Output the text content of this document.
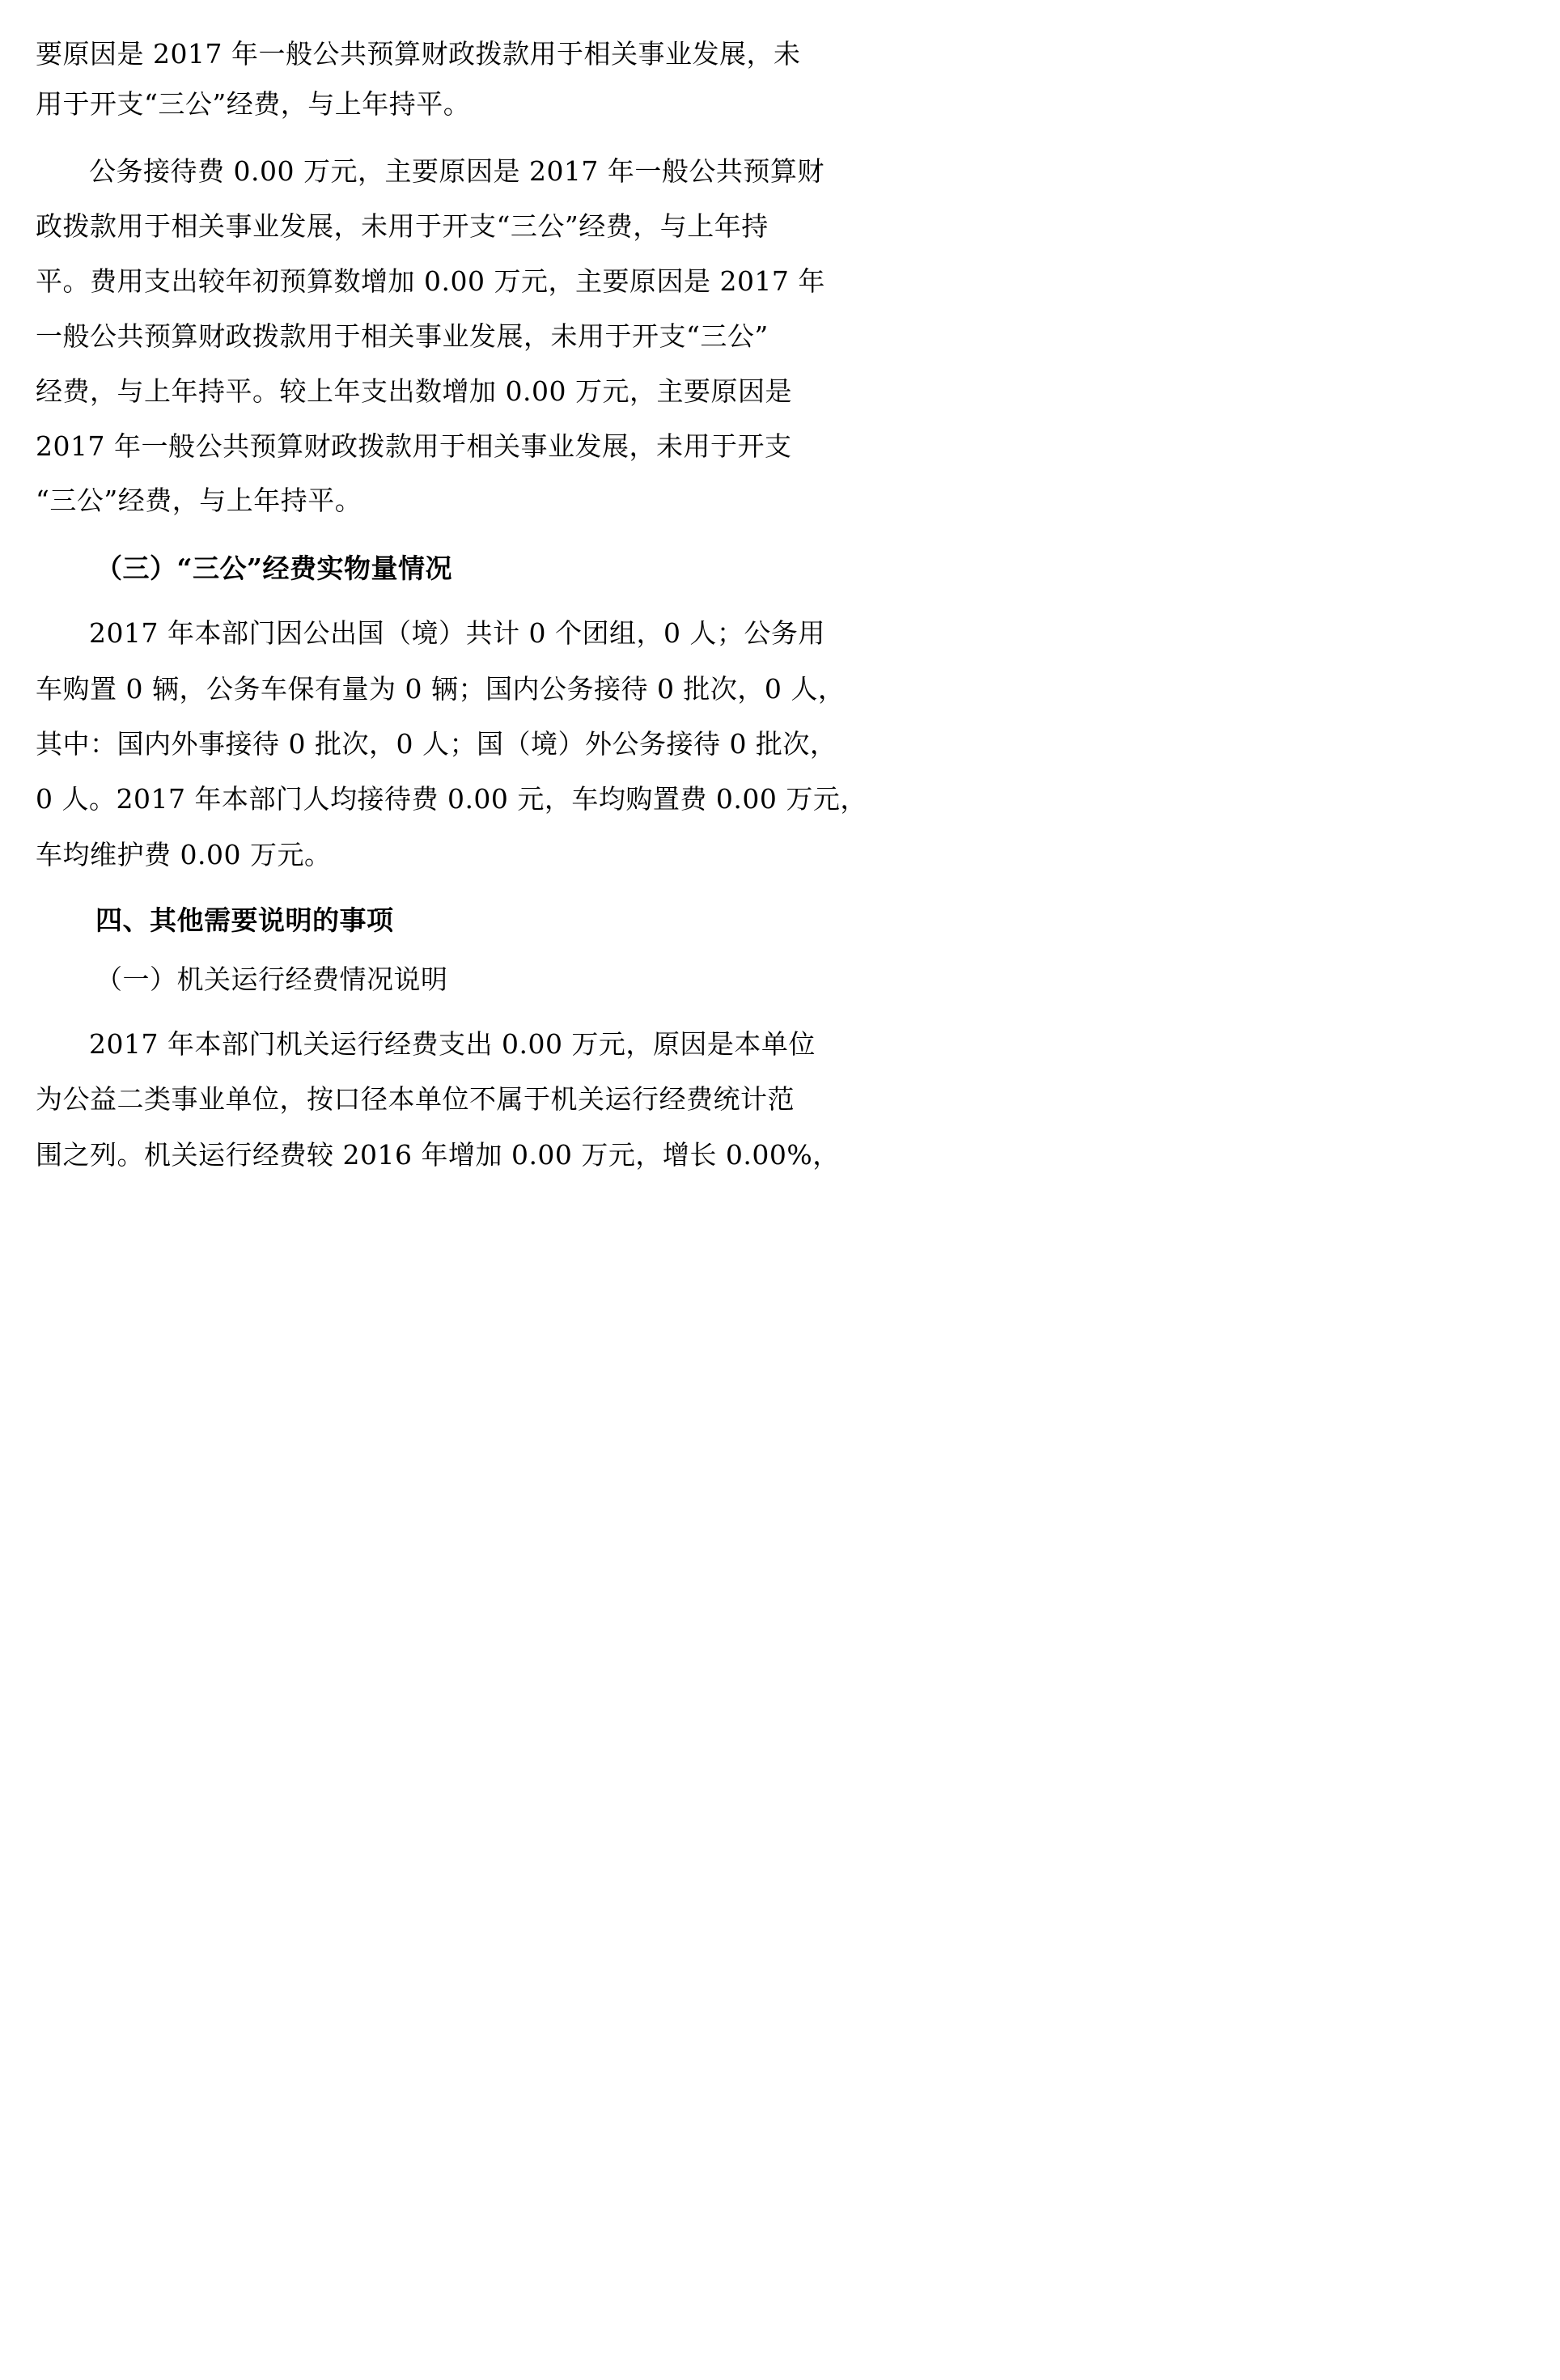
要原因是 2017 年一般公共预算财政拨款用于相关事业发展，未
用于开支“三公”经费，与上年持平。
公务接待费 0.00 万元，主要原因是 2017 年一般公共预算财
政拨款用于相关事业发展，未用于开支“三公”经费，与上年持
平。费用支出较年初预算数增加 0.00 万元，主要原因是 2017 年
一般公共预算财政拨款用于相关事业发展，未用于开支“三公”
经费，与上年持平。较上年支出数增加 0.00 万元，主要原因是
2017 年一般公共预算财政拨款用于相关事业发展，未用于开支
“三公”经费，与上年持平。
（三）“三公”经费实物量情况
2017 年本部门因公出国（境）共计 0 个团组，0 人；公务用
车购置 0 辆，公务车保有量为 0 辆；国内公务接待 0 批次，0 人，
其中：国内外事接待 0 批次，0 人；国（境）外公务接待 0 批次，
0 人。2017 年本部门人均接待费 0.00 元，车均购置费 0.00 万元，
车均维护费 0.00 万元。
四、其他需要说明的事项
（一）机关运行经费情况说明
2017 年本部门机关运行经费支出 0.00 万元，原因是本单位
为公益二类事业单位，按口径本单位不属于机关运行经费统计范
围之列。机关运行经费较 2016 年增加 0.00 万元，增长 0.00%，
